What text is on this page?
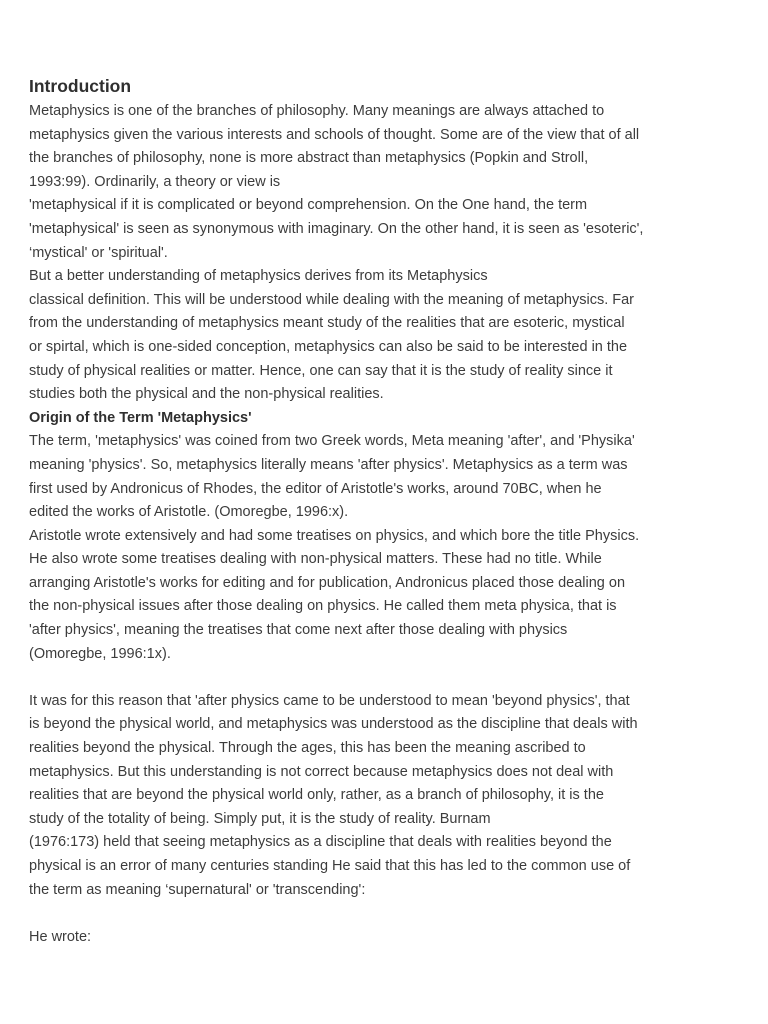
Introduction
Metaphysics is one of the branches of philosophy. Many meanings are always attached to
metaphysics given the various interests and schools of thought. Some are of the view that of all
the branches of philosophy, none is more abstract than metaphysics (Popkin and Stroll,
1993:99). Ordinarily, a theory or view is
'metaphysical if it is complicated or beyond comprehension. On the One hand, the term
'metaphysical' is seen as synonymous with imaginary. On the other hand, it is seen as 'esoteric',
‘mystical' or 'spiritual'.
But a better understanding of metaphysics derives from its Metaphysics
classical definition. This will be understood while dealing with the meaning of metaphysics. Far
from the understanding of metaphysics meant study of the realities that are esoteric, mystical
or spirtal, which is one-sided conception, metaphysics can also be said to be interested in the
study of physical realities or matter. Hence, one can say that it is the study of reality since it
studies both the physical and the non-physical realities.
Origin of the Term 'Metaphysics'
The term, 'metaphysics' was coined from two Greek words, Meta meaning 'after', and 'Physika'
meaning 'physics'. So, metaphysics literally means 'after physics'. Metaphysics as a term was
first used by Andronicus of Rhodes, the editor of Aristotle's works, around 70BC, when he
edited the works of Aristotle. (Omoregbe, 1996:x).
Aristotle wrote extensively and had some treatises on physics, and which bore the title Physics.
He also wrote some treatises dealing with non-physical matters. These had no title. While
arranging Aristotle's works for editing and for publication, Andronicus placed those dealing on
the non-physical issues after those dealing on physics. He called them meta physica, that is
'after physics', meaning the treatises that come next after those dealing with physics
(Omoregbe, 1996:1x).
It was for this reason that 'after physics came to be understood to mean 'beyond physics', that
is beyond the physical world, and metaphysics was understood as the discipline that deals with
realities beyond the physical. Through the ages, this has been the meaning ascribed to
metaphysics. But this understanding is not correct because metaphysics does not deal with
realities that are beyond the physical world only, rather, as a branch of philosophy, it is the
study of the totality of being. Simply put, it is the study of reality. Burnam
(1976:173) held that seeing metaphysics as a discipline that deals with realities beyond the
physical is an error of many centuries standing He said that this has led to the common use of
the term as meaning ‘supernatural' or 'transcending':
He wrote:
